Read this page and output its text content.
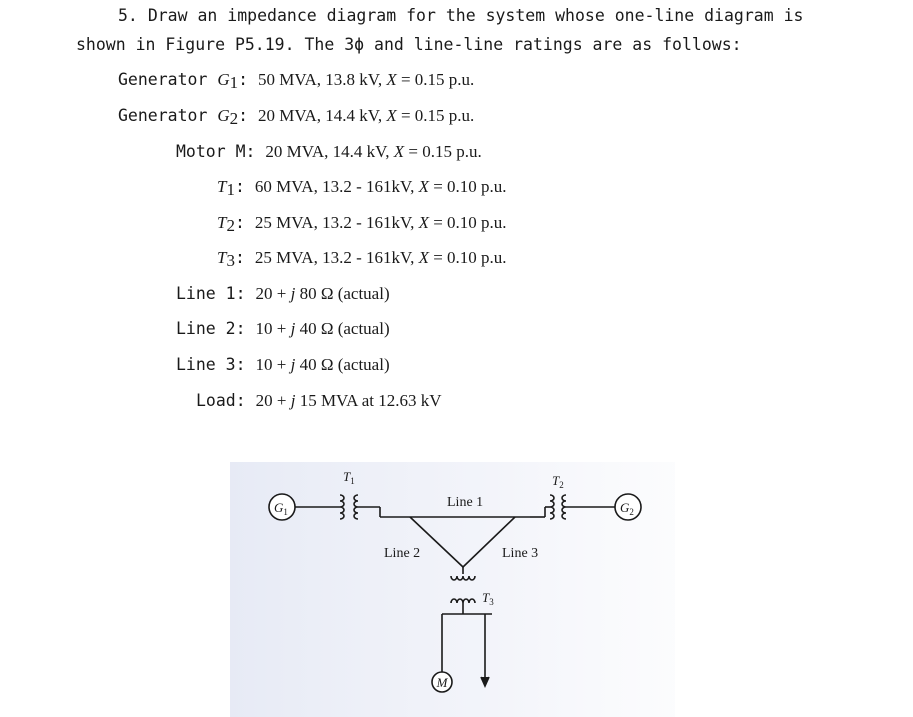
5. Draw an impedance diagram for the system whose one-line diagram is
shown in Figure P5.19. The 3ϕ and line-line ratings are as follows:
Generator $G_1$: 50 MVA, 13.8 kV, X = 0.15 p.u.
Generator $G_2$: 20 MVA, 14.4 kV, X = 0.15 p.u.
Motor M: 20 MVA, 14.4 kV, X = 0.15 p.u.
$T_1$: 60 MVA, 13.2 - 161kV, X = 0.10 p.u.
$T_2$: 25 MVA, 13.2 - 161kV, X = 0.10 p.u.
$T_3$: 25 MVA, 13.2 - 161kV, X = 0.10 p.u.
Line 1: 20 + j 80 Ω (actual)
Line 2: 10 + j 40 Ω (actual)
Line 3: 10 + j 40 Ω (actual)
Load: 20 + j 15 MVA at 12.63 kV
$G_1$	$G_2$
$T_1$	$T_2$
$T_3$
M
Line 1
Line 2	Line 3
